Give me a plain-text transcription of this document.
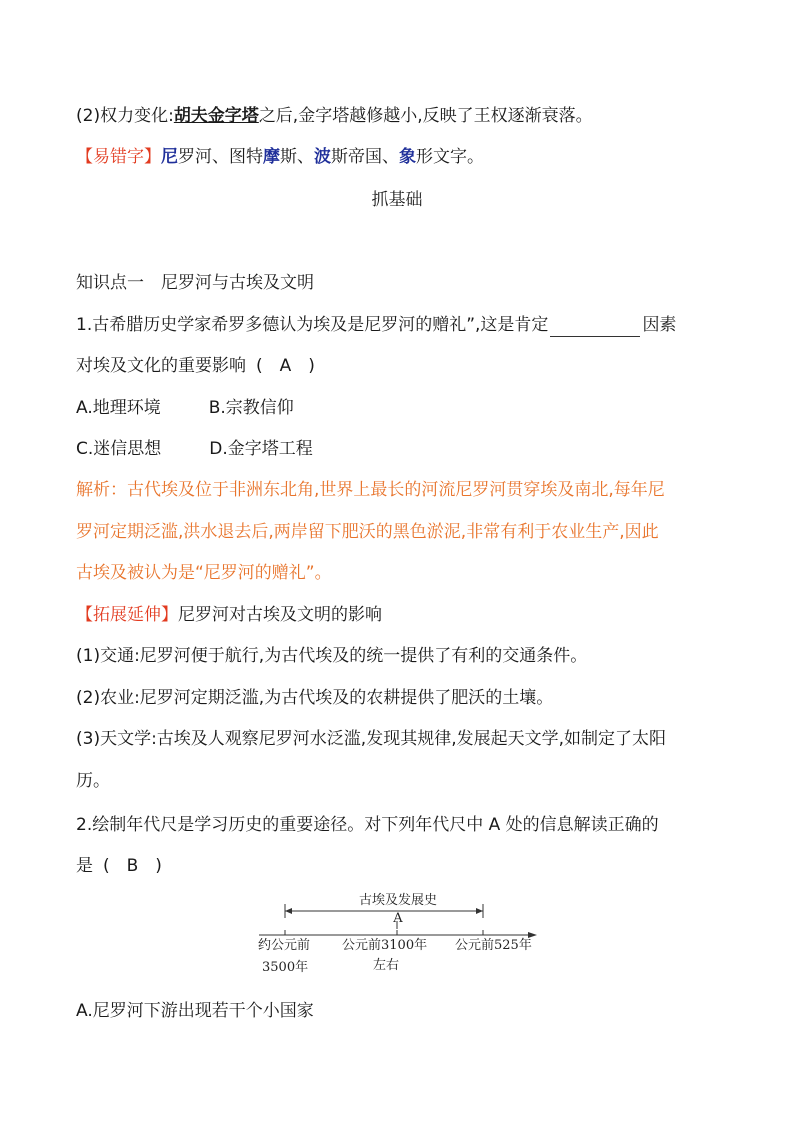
(2)权力变化:胡夫金字塔之后,金字塔越修越小,反映了王权逐渐衰落。
【易错字】尼罗河、图特摩斯、波斯帝国、象形文字。
抓基础
知识点一　尼罗河与古埃及文明
1.古希腊历史学家希罗多德认为埃及是尼罗河的赠礼”,这是肯定	因素
对埃及文化的重要影响 (　A　)
A.地理环境	B.宗教信仰
C.迷信思想	D.金字塔工程
解析：古代埃及位于非洲东北角,世界上最长的河流尼罗河贯穿埃及南北,每年尼
罗河定期泛滥,洪水退去后,两岸留下肥沃的黑色淤泥,非常有利于农业生产,因此
古埃及被认为是“尼罗河的赠礼”。
【拓展延伸】尼罗河对古埃及文明的影响
(1)交通:尼罗河便于航行,为古代埃及的统一提供了有利的交通条件。
(2)农业:尼罗河定期泛滥,为古代埃及的农耕提供了肥沃的土壤。
(3)天文学:古埃及人观察尼罗河水泛滥,发现其规律,发展起天文学,如制定了太阳
历。
2.绘制年代尺是学习历史的重要途径。对下列年代尺中 A 处的信息解读正确的
是 (　B　)
古埃及发展史
A
约公元前
3500年
公元前3100年
左右
公元前525年
A.尼罗河下游出现若干个小国家
